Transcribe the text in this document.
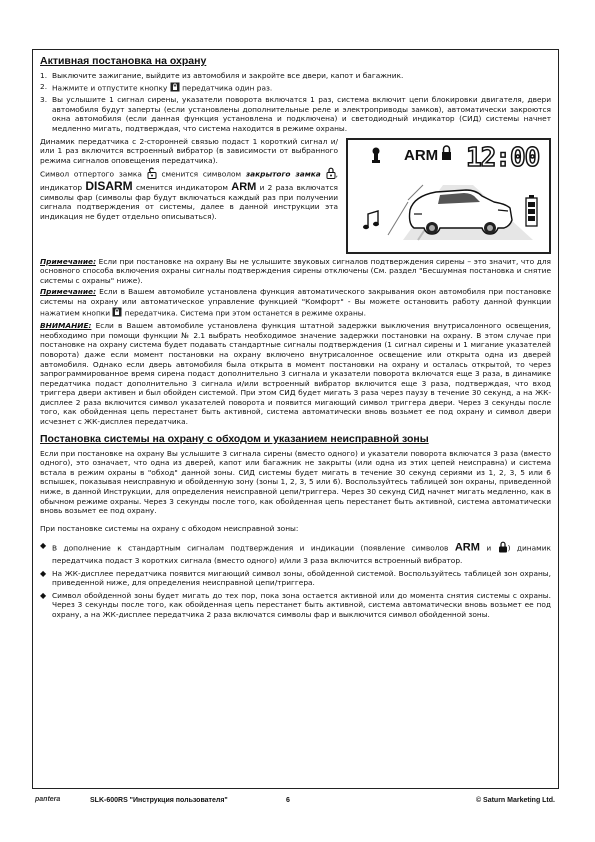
Активная постановка на охрану
1. Выключите зажигание, выйдите из автомобиля и закройте все двери, капот и багажник.
2. Нажмите и отпустите кнопку передатчика один раз.
3. Вы услышите 1 сигнал сирены, указатели поворота включатся 1 раз, система включит цепи блокировки двигателя, двери автомобиля будут заперты (если установлены дополнительные реле и электроприводы замков), автоматически закроются окна автомобиля (если данная функция установлена и подключена) и светодиодный индикатор (СИД) системы начнет медленно мигать, подтверждая, что система находится в режиме охраны.
Динамик передатчика с 2-сторонней связью подаст 1 короткий сигнал и/или 1 раз включится встроенный вибратор (в зависимости от выбранного режима сигналов оповещения передатчика).
Символ отпертого замка	сменится символом закрытого замка , индикатор DISARM сменится индикатором ARM и 2 раза включатся символы фар (символы фар будут включаться каждый раз при получении сигнала подтверждения от системы, далее в данной инструкции эта индикация не будет отдельно описываться).
ARM 12:00
Примечание: Если при постановке на охрану Вы не услышите звуковых сигналов подтверждения сирены – это значит, что для основного способа включения охраны сигналы подтверждения сирены отключены (См. раздел "Бесшумная постановка и снятие системы с охраны" ниже).
Примечание: Если в Вашем автомобиле установлена функция автоматического закрывания окон автомобиля при постановке системы на охрану или автоматическое управление функцией "Комфорт" - Вы можете остановить работу данной функции нажатием кнопки передатчика. Система при этом останется в режиме охраны.
ВНИМАНИЕ: Если в Вашем автомобиле установлена функция штатной задержки выключения внутрисалонного освещения, необходимо при помощи функции № 2.1 выбрать необходимое значение задержки постановки на охрану. В этом случае при постановке на охрану система будет подавать стандартные сигналы подтверждения (1 сигнал сирены и 1 мигание указателей поворота) даже если момент постановки на охрану включено внутрисалонное освещение или открыта одна из дверей автомобиля. Однако если дверь автомобиля была открыта в момент постановки на охрану и осталась открытой, то через запрограммированное время сирена подаст дополнительно 3 сигнала и указатели поворота включатся еще 3 раза, в динамике передатчика подаст дополнительно 3 сигнала и/или встроенный вибратор включится еще 3 раза, подтверждая, что вход триггера двери активен и был обойден системой. При этом СИД будет мигать 3 раза через паузу в течение 30 секунд, а на ЖК-дисплее 2 раза включится символ указателей поворота и появится мигающий символ триггера двери. Через 3 секунды после того, как обойденная цепь перестанет быть активной, система автоматически вновь возьмет ее под охрану и символ двери исчезнет с ЖК-дисплея передатчика.
Постановка системы на охрану с обходом и указанием неисправной зоны
Если при постановке на охрану Вы услышите 3 сигнала сирены (вместо одного) и указатели поворота включатся 3 раза (вместо одного), это означает, что одна из дверей, капот или багажник не закрыты (или одна из этих цепей неисправна) и система встала в режим охраны в "обход" данной зоны. СИД системы будет мигать в течение 30 секунд сериями из 1, 2, 3, 5 или 6 вспышек, показывая неисправную и обойденную зону (зоны 1, 2, 3, 5 или 6). Воспользуйтесь таблицей зон охраны, приведенной ниже, в данной Инструкции, для определения неисправной цепи/триггера. Через 30 секунд СИД начнет мигать медленно, как в обычном режиме охраны. Через 3 секунды после того, как обойденная цепь перестанет быть активной, система автоматически вновь возьмет ее под охрану.
При постановке системы на охрану с обходом неисправной зоны:
◆ В дополнение к стандартным сигналам подтверждения и индикации (появление символов ARM и ) динамик передатчика подаст 3 коротких сигнала (вместо одного) и/или 3 раза включится встроенный вибратор.
◆ На ЖК-дисплее передатчика появится мигающий символ зоны, обойденной системой. Воспользуйтесь таблицей зон охраны, приведенной ниже, для определения неисправной цепи/триггера.
◆ Символ обойденной зоны будет мигать до тех пор, пока зона остается активной или до момента снятия системы с охраны. Через 3 секунды после того, как обойденная цепь перестанет быть активной, система автоматически вновь возьмет ее под охрану, а на ЖК-дисплее передатчика 2 раза включатся символы фар и выключится символ обойденной зоны.
pantera	SLK-600RS "Инструкция пользователя"	6	© Saturn Marketing Ltd.
